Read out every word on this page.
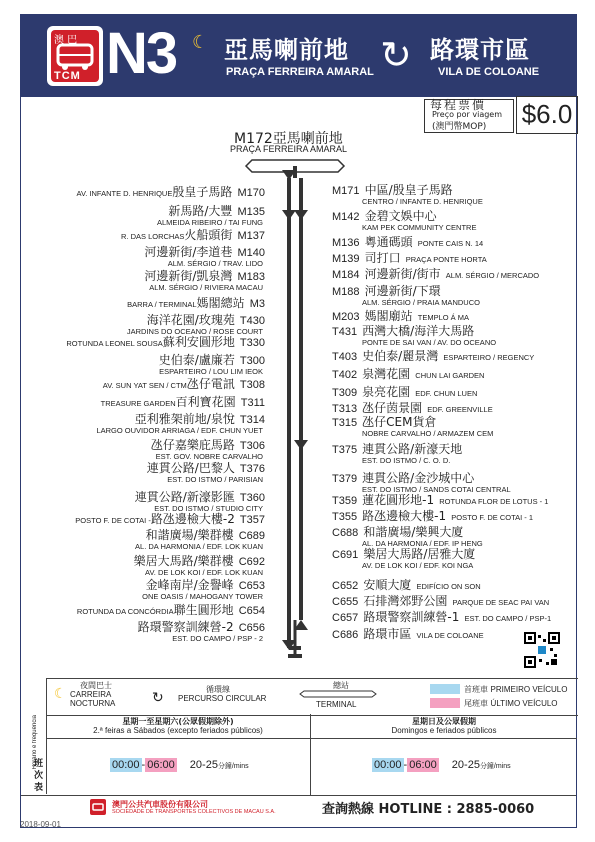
澳 巴
TCM N3 ☾ 亞馬喇前地
PRAÇA FERREIRA AMARAL ↻ 路環市區
VILA DE COLOANE
每程票價
Preço por viagem
(澳門幣MOP) $6.0
M172亞馬喇前地
PRAÇA FERREIRA AMARAL
AV. INFANTE D. HENRIQUE殷皇子馬路 M170
新馬路/大豐 M135
ALMEIDA RIBEIRO / TAI FUNG
R. DAS LORCHAS火船頭街 M137
河邊新街/李道巷 M140
ALM. SÉRGIO / TRAV. LIDO
河邊新街/凱泉灣 M183
ALM. SÉRGIO / RIVIERA MACAU
BARRA / TERMINAL媽閣總站 M3
海洋花園/玫瑰苑 T430
JARDINS DO OCEANO / ROSE COURT
ROTUNDA LEONEL SOUSA蘇利安圓形地 T330
史伯泰/盧廉若 T300
ESPARTEIRO / LOU LIM IEOK
AV. SUN YAT SEN / CTM氹仔電訊 T308
TREASURE GARDEN百利寶花園 T311
亞利雅架前地/泉悅 T314
LARGO OUVIDOR ARRIAGA / EDF. CHUN YUET
氹仔嘉樂庇馬路 T306
EST. GOV. NOBRE CARVALHO
連貫公路/巴黎人 T376
EST. DO ISTMO / PARISIAN
連貫公路/新濠影匯 T360
EST. DO ISTMO / STUDIO CITY
POSTO F. DE COTAI -路氹邊檢大樓-2 T357
和諧廣場/樂群樓 C689
AL. DA HARMONIA / EDF. LOK KUAN
樂居大馬路/樂群樓 C692
AV. DE LOK KOI / EDF. LOK KUAN
金峰南岸/金譽峰 C653
ONE OASIS / MAHOGANY TOWER
ROTUNDA DA CONCÓRDIA聯生圓形地 C654
路環警察訓練營-2 C656
EST. DO CAMPO / PSP - 2
M171 中區/殷皇子馬路
CENTRO / INFANTE D. HENRIQUE
M142 金碧文娛中心
KAM PEK COMMUNITY CENTRE
M136 粵通碼頭 PONTE CAIS N. 14
M139 司打口 PRAÇA PONTE HORTA
M184 河邊新街/街市 ALM. SÉRGIO / MERCADO
M188 河邊新街/下環
ALM. SÉRGIO / PRAIA MANDUCO
M203 媽閣廟站 TEMPLO Á MA
T431 西灣大橋/海洋大馬路
PONTE DE SAI VAN / AV. DO OCEANO
T403 史伯泰/麗景灣 ESPARTEIRO / REGENCY
T402 泉灣花園 CHUN LAI GARDEN
T309 泉亮花園 EDF. CHUN LUEN
T313 氹仔茵景園 EDF. GREENVILLE
T315 氹仔CEM貨倉
NOBRE CARVALHO / ARMAZEM CEM
T375 連貫公路/新濠天地
EST. DO ISTMO / C. O. D.
T379 連貫公路/金沙城中心
EST. DO ISTMO / SANDS COTAI CENTRAL
T359 蓮花圓形地-1 ROTUNDA FLOR DE LOTUS - 1
T355 路氹邊檢大樓-1 POSTO F. DE COTAI - 1
C688 和諧廣場/樂興大廈
AL. DA HARMONIA / EDF. IP HENG
C691 樂居大馬路/居雅大廈
AV. DE LOK KOI / EDF. KOI NGA
C652 安順大廈 EDIFÍCIO ON SON
C655 石排灣郊野公園 PARQUE DE SEAC PAI VAN
C657 路環警察訓練營-1 EST. DO CAMPO / PSP-1
C686 路環市區 VILA DE COLOANE
☾
夜間巴士
CARREIRA
NOCTURNA	↻
循環線
PERCURSO CIRCULAR
總站
TERMINAL
首班車 PRIMEIRO VEÍCULO
尾班車 ÚLTIMO VEÍCULO
班 次 表
Horário e frequência	星期一至星期六(公眾假期除外)
2.ª feiras a Sábados (excepto feriados públicos)
星期日及公眾假期
Domingos e feriados públicos
00:00 - 06:00 20-25分鐘/mins	00:00 - 06:00 20-25分鐘/mins
澳門公共汽車股份有限公司
SOCIEDADE DE TRANSPORTES COLECTIVOS DE MACAU S.A.	查詢熱線 HOTLINE : 2885-0060
2018-09-01
